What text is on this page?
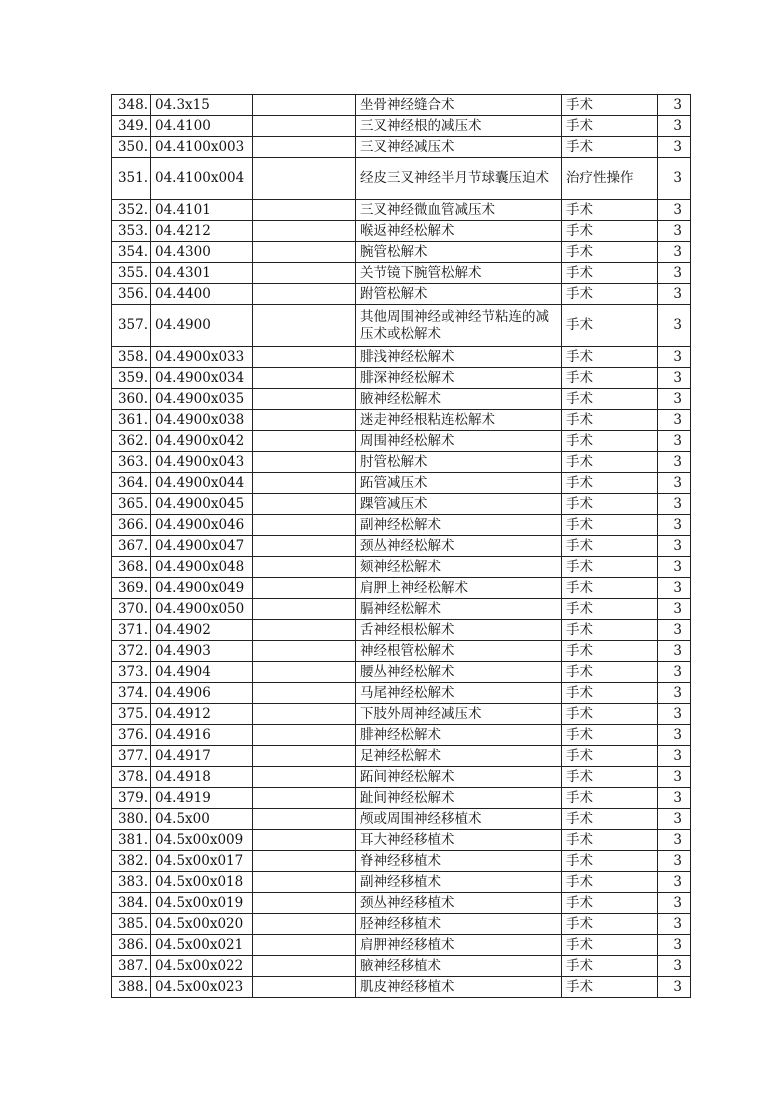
348.	04.3x15		坐骨神经缝合术	手术	3
349.	04.4100		三叉神经根的减压术	手术	3
350.	04.4100x003		三叉神经减压术	手术	3
351.	04.4100x004		经皮三叉神经半月节球囊压迫术	治疗性操作	3
352.	04.4101		三叉神经微血管减压术	手术	3
353.	04.4212		喉返神经松解术	手术	3
354.	04.4300		腕管松解术	手术	3
355.	04.4301		关节镜下腕管松解术	手术	3
356.	04.4400		跗管松解术	手术	3
357.	04.4900		其他周围神经或神经节粘连的减压术或松解术	手术	3
358.	04.4900x033		腓浅神经松解术	手术	3
359.	04.4900x034		腓深神经松解术	手术	3
360.	04.4900x035		腋神经松解术	手术	3
361.	04.4900x038		迷走神经根粘连松解术	手术	3
362.	04.4900x042		周围神经松解术	手术	3
363.	04.4900x043		肘管松解术	手术	3
364.	04.4900x044		跖管减压术	手术	3
365.	04.4900x045		踝管减压术	手术	3
366.	04.4900x046		副神经松解术	手术	3
367.	04.4900x047		颈丛神经松解术	手术	3
368.	04.4900x048		颏神经松解术	手术	3
369.	04.4900x049		肩胛上神经松解术	手术	3
370.	04.4900x050		膈神经松解术	手术	3
371.	04.4902		舌神经根松解术	手术	3
372.	04.4903		神经根管松解术	手术	3
373.	04.4904		腰丛神经松解术	手术	3
374.	04.4906		马尾神经松解术	手术	3
375.	04.4912		下肢外周神经减压术	手术	3
376.	04.4916		腓神经松解术	手术	3
377.	04.4917		足神经松解术	手术	3
378.	04.4918		跖间神经松解术	手术	3
379.	04.4919		趾间神经松解术	手术	3
380.	04.5x00		颅或周围神经移植术	手术	3
381.	04.5x00x009		耳大神经移植术	手术	3
382.	04.5x00x017		脊神经移植术	手术	3
383.	04.5x00x018		副神经移植术	手术	3
384.	04.5x00x019		颈丛神经移植术	手术	3
385.	04.5x00x020		胫神经移植术	手术	3
386.	04.5x00x021		肩胛神经移植术	手术	3
387.	04.5x00x022		腋神经移植术	手术	3
388.	04.5x00x023		肌皮神经移植术	手术	3
